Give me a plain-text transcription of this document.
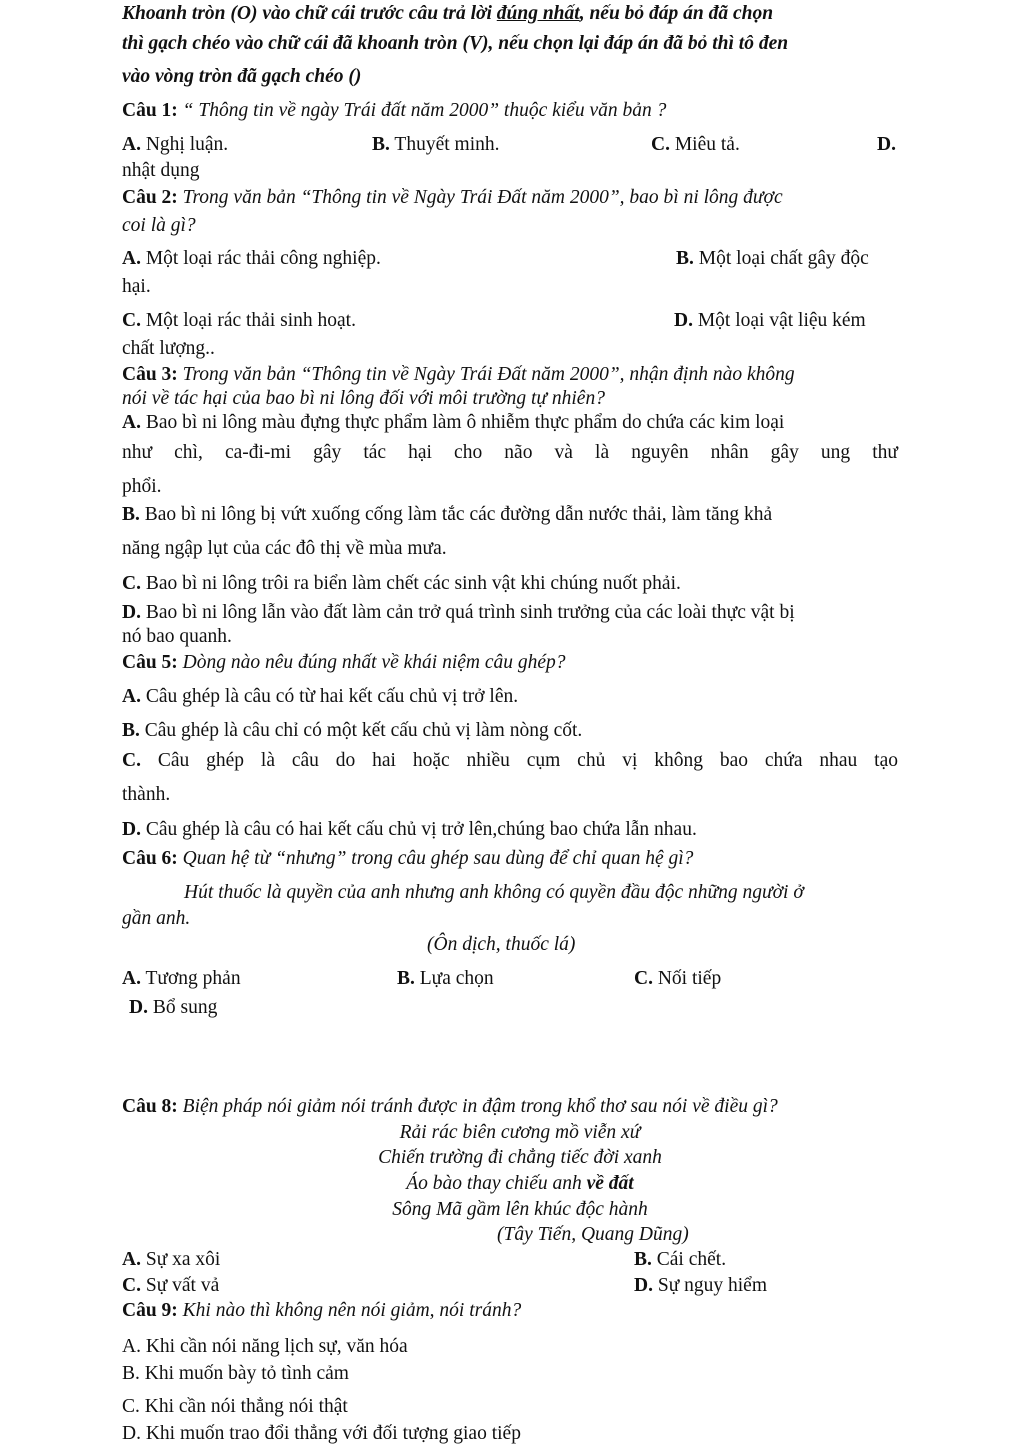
Khoanh tròn (O) vào chữ cái trước câu trả lời đúng nhất, nếu bỏ đáp án đã chọn
thì gạch chéo vào chữ cái đã khoanh tròn (V), nếu chọn lại đáp án đã bỏ thì tô đen
vào vòng tròn đã gạch chéo ()
Câu 1: “ Thông tin về ngày Trái đất năm 2000” thuộc kiểu văn bản ?
A. Nghị luận.	B. Thuyết minh.	C. Miêu tả.	D.
nhật dụng
Câu 2: Trong văn bản “Thông tin về Ngày Trái Đất năm 2000”, bao bì ni lông được
coi là gì?
A. Một loại rác thải công nghiệp.	B. Một loại chất gây độc
hại.
C. Một loại rác thải sinh hoạt.	D. Một loại vật liệu kém
chất lượng..
Câu 3: Trong văn bản “Thông tin về Ngày Trái Đất năm 2000”, nhận định nào không
nói về tác hại của bao bì ni lông đối với môi trường tự nhiên?
A. Bao bì ni lông màu đựng thực phẩm làm ô nhiễm thực phẩm do chứa các kim loại
như chì, ca-đi-mi gây tác hại cho não và là nguyên nhân gây ung thư
phổi.
B. Bao bì ni lông bị vứt xuống cống làm tắc các đường dẫn nước thải, làm tăng khả
năng ngập lụt của các đô thị về mùa mưa.
C. Bao bì ni lông trôi ra biển làm chết các sinh vật khi chúng nuốt phải.
D. Bao bì ni lông lẫn vào đất làm cản trở quá trình sinh trưởng của các loài thực vật bị
nó bao quanh.
Câu 5: Dòng nào nêu đúng nhất về khái niệm câu ghép?
A. Câu ghép là câu có từ hai kết cấu chủ vị trở lên.
B. Câu ghép là câu chỉ có một kết cấu chủ vị làm nòng cốt.
C. Câu ghép là câu do hai hoặc nhiều cụm chủ vị không bao chứa nhau tạo
thành.
D. Câu ghép là câu có hai kết cấu chủ vị trở lên,chúng bao chứa lẫn nhau.
Câu 6: Quan hệ từ “nhưng” trong câu ghép sau dùng để chỉ quan hệ gì?
Hút thuốc là quyền của anh nhưng anh không có quyền đầu độc những người ở
gần anh.
(Ôn dịch, thuốc lá)
A. Tương phản	B. Lựa chọn	C. Nối tiếp
D. Bổ sung
Câu 8: Biện pháp nói giảm nói tránh được in đậm trong khổ thơ sau nói về điều gì?
Rải rác biên cương mồ viễn xứ
Chiến trường đi chẳng tiếc đời xanh
Áo bào thay chiếu anh về đất
Sông Mã gầm lên khúc độc hành
(Tây Tiến, Quang Dũng)
A. Sự xa xôi	B. Cái chết.
C. Sự vất vả	D. Sự nguy hiểm
Câu 9: Khi nào thì không nên nói giảm, nói tránh?
A. Khi cần nói năng lịch sự, văn hóa
B. Khi muốn bày tỏ tình cảm
C. Khi cần nói thẳng nói thật
D. Khi muốn trao đổi thẳng với đối tượng giao tiếp
